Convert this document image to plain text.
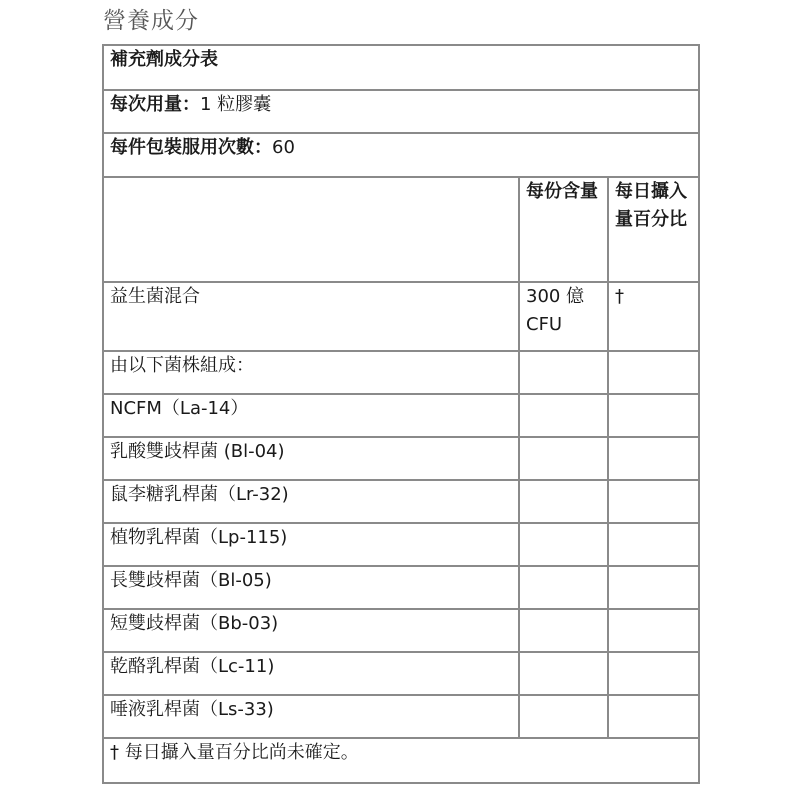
營養成分
補充劑成分表		
每次用量：1 粒膠囊		
每件包裝服用次數：60		
	每份含量	每日攝入量百分比
益生菌混合	300 億 CFU	†
由以下菌株組成：		
NCFM（La-14）		
乳酸雙歧桿菌 (Bl-04)		
鼠李糖乳桿菌（Lr-32)		
植物乳桿菌（Lp-115)		
長雙歧桿菌（Bl-05)		
短雙歧桿菌（Bb-03)		
乾酪乳桿菌（Lc-11)		
唾液乳桿菌（Ls-33)		
† 每日攝入量百分比尚未確定。		
